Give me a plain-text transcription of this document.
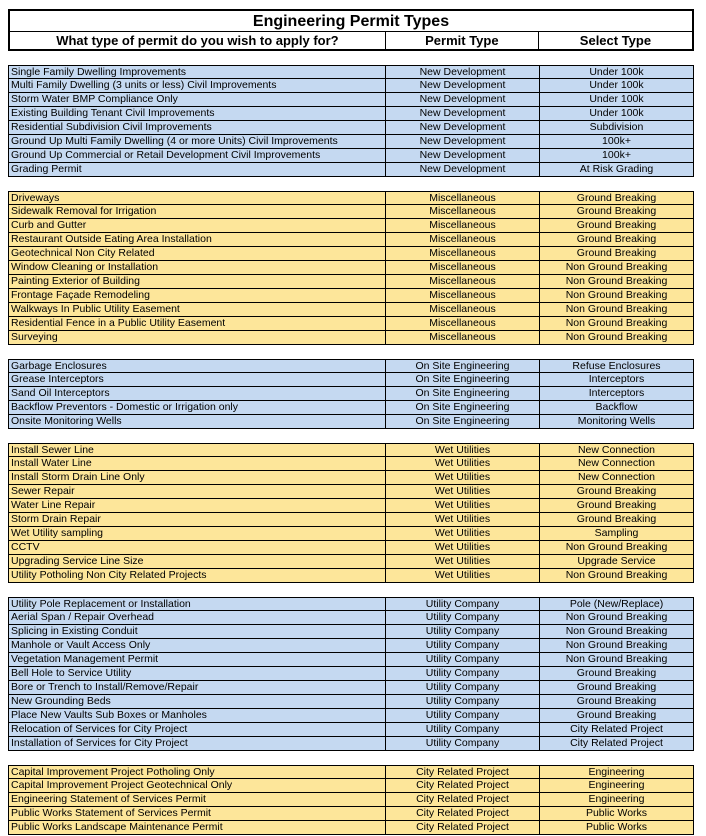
Engineering Permit Types
What type of permit do you wish to apply for?	Permit Type	Select Type
Single Family Dwelling Improvements	New Development	Under 100k
Multi Family Dwelling (3 units or less) Civil Improvements	New Development	Under 100k
Storm Water BMP Compliance Only	New Development	Under 100k
Existing Building Tenant Civil Improvements	New Development	Under 100k
Residential Subdivision Civil Improvements	New Development	Subdivision
Ground Up Multi Family Dwelling (4 or more Units) Civil Improvements	New Development	100k+
Ground Up Commercial or Retail Development Civil Improvements	New Development	100k+
Grading Permit	New Development	At Risk Grading
Driveways	Miscellaneous	Ground Breaking
Sidewalk Removal for Irrigation	Miscellaneous	Ground Breaking
Curb and Gutter	Miscellaneous	Ground Breaking
Restaurant Outside Eating Area Installation	Miscellaneous	Ground Breaking
Geotechnical Non City Related	Miscellaneous	Ground Breaking
Window Cleaning or Installation	Miscellaneous	Non Ground Breaking
Painting Exterior of Building	Miscellaneous	Non Ground Breaking
Frontage Façade Remodeling	Miscellaneous	Non Ground Breaking
Walkways In Public Utility Easement	Miscellaneous	Non Ground Breaking
Residential Fence in a Public Utility Easement	Miscellaneous	Non Ground Breaking
Surveying	Miscellaneous	Non Ground Breaking
Garbage Enclosures	On Site Engineering	Refuse Enclosures
Grease Interceptors	On Site Engineering	Interceptors
Sand Oil Interceptors	On Site Engineering	Interceptors
Backflow Preventors - Domestic or Irrigation only	On Site Engineering	Backflow
Onsite Monitoring Wells	On Site Engineering	Monitoring Wells
Install Sewer Line	Wet Utilities	New Connection
Install Water Line	Wet Utilities	New Connection
Install Storm Drain Line Only	Wet Utilities	New Connection
Sewer Repair	Wet Utilities	Ground Breaking
Water Line Repair	Wet Utilities	Ground Breaking
Storm Drain Repair	Wet Utilities	Ground Breaking
Wet Utility sampling	Wet Utilities	Sampling
CCTV	Wet Utilities	Non Ground Breaking
Upgrading Service Line Size	Wet Utilities	Upgrade Service
Utility Potholing Non City Related Projects	Wet Utilities	Non Ground Breaking
Utility Pole Replacement or Installation	Utility Company	Pole (New/Replace)
Aerial Span / Repair Overhead	Utility Company	Non Ground Breaking
Splicing in Existing Conduit	Utility Company	Non Ground Breaking
Manhole or Vault Access Only	Utility Company	Non Ground Breaking
Vegetation Management Permit	Utility Company	Non Ground Breaking
Bell Hole to Service Utility	Utility Company	Ground Breaking
Bore or Trench to Install/Remove/Repair	Utility Company	Ground Breaking
New Grounding Beds	Utility Company	Ground Breaking
Place New Vaults Sub Boxes or Manholes	Utility Company	Ground Breaking
Relocation of Services for City Project	Utility Company	City Related Project
Installation of Services for City Project	Utility Company	City Related Project
Capital Improvement Project Potholing Only	City Related Project	Engineering
Capital Improvement Project Geotechnical Only	City Related Project	Engineering
Engineering Statement of Services Permit	City Related Project	Engineering
Public Works Statement of Services Permit	City Related Project	Public Works
Public Works Landscape Maintenance Permit	City Related Project	Public Works
